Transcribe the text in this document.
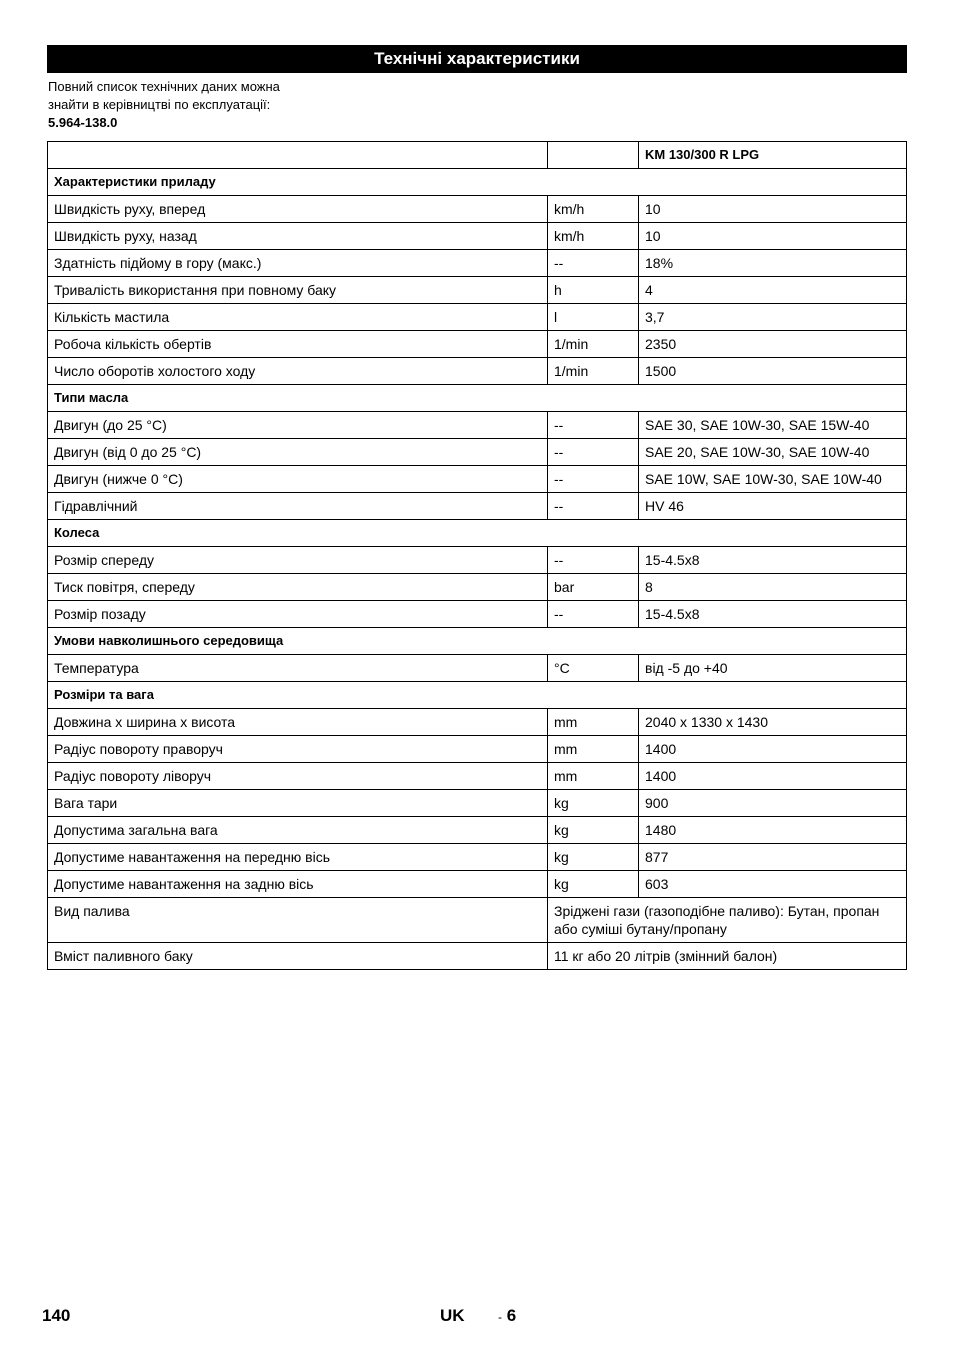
Технічні характеристики
Повний список технічних даних можна
знайти в керівництві по експлуатації:
5.964-138.0
		KM 130/300 R LPG
Характеристики приладу		
Швидкість руху, вперед	km/h	10
Швидкість руху, назад	km/h	10
Здатність підйому в гору (макс.)	--	18%
Тривалість використання при повному баку	h	4
Кількість мастила	l	3,7
Робоча кількість обертів	1/min	2350
Число оборотів холостого ходу	1/min	1500
Типи масла		
Двигун (до 25 °C)	--	SAE 30, SAE 10W-30, SAE 15W-40
Двигун (від 0 до 25 °C)	--	SAE 20, SAE 10W-30, SAE 10W-40
Двигун (нижче 0 °C)	--	SAE 10W, SAE 10W-30, SAE 10W-40
Гідравлічний	--	HV 46
Колеса		
Розмір спереду	--	15-4.5x8
Тиск повітря, спереду	bar	8
Розмір позаду	--	15-4.5x8
Умови навколишнього середовища		
Температура	°C	від -5 до +40
Розміри та вага		
Довжина x ширина x висота	mm	2040 x 1330 x 1430
Радіус повороту праворуч	mm	1400
Радіус повороту ліворуч	mm	1400
Вага тари	kg	900
Допустима загальна вага	kg	1480
Допустиме навантаження на передню вісь	kg	877
Допустиме навантаження на задню вісь	kg	603
Вид палива	Зріджені гази (газоподібне паливо): Бутан, пропан або суміші бутану/пропану	
Вміст паливного баку	11 кг або 20 літрів (змінний балон)	
140	UK	- 6
